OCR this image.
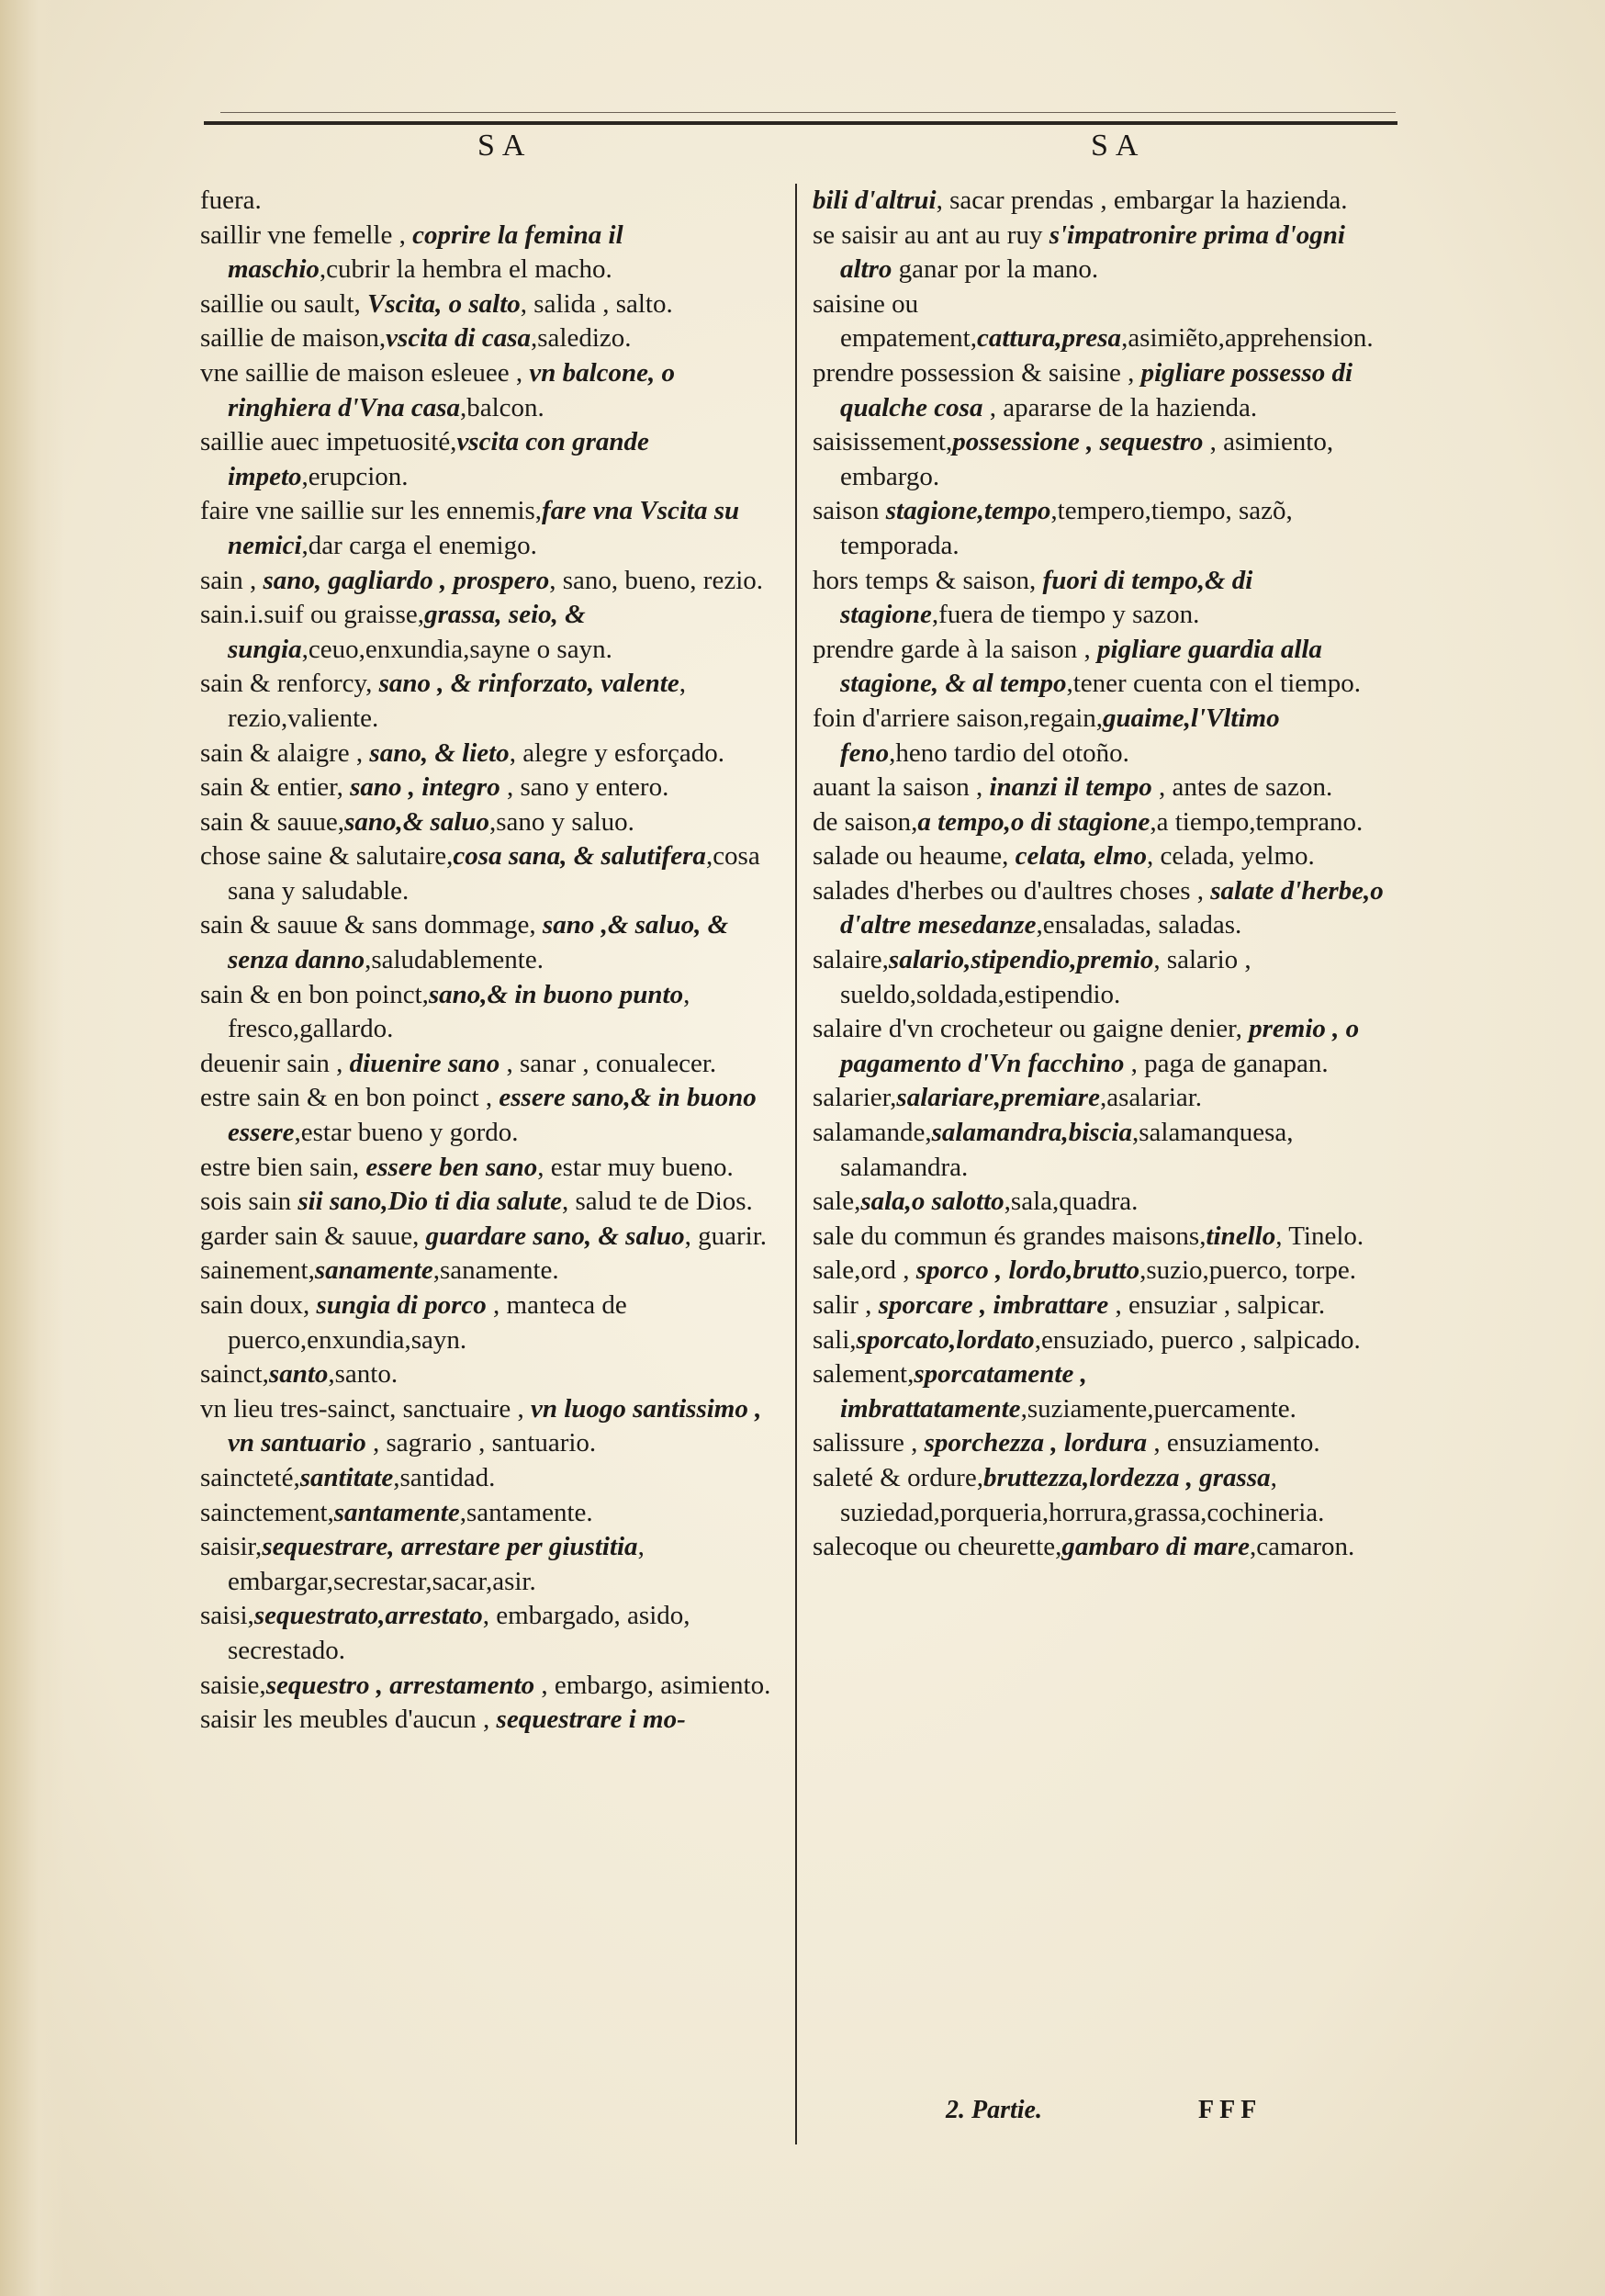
SA	SA

fuera.

saillir vne femelle , coprire la femina il maschio,cubrir la hembra el macho.

saillie ou sault, Vscita, o salto, salida , salto.

saillie de maison,vscita di casa,saledizo.

vne saillie de maison esleuee , vn balcone, o ringhiera d'Vna casa,balcon.

saillie auec impetuosité,vscita con grande impeto,erupcion.

faire vne saillie sur les ennemis,fare vna Vscita su nemici,dar carga el enemigo.

sain , sano, gagliardo , prospero, sano, bueno, rezio.

sain.i.suif ou graisse,grassa, seio, & sungia,ceuo,enxundia,sayne o sayn.

sain & renforcy, sano , & rinforzato, valente, rezio,valiente.

sain & alaigre , sano, & lieto, alegre y esforçado.

sain & entier, sano , integro , sano y entero.

sain & sauue,sano,& saluo,sano y saluo.

chose saine & salutaire,cosa sana, & salutifera,cosa sana y saludable.

sain & sauue & sans dommage, sano ,& saluo, & senza danno,saludablemente.

sain & en bon poinct,sano,& in buono punto, fresco,gallardo.

deuenir sain , diuenire sano , sanar , conualecer.

estre sain & en bon poinct , essere sano,& in buono essere,estar bueno y gordo.

estre bien sain, essere ben sano, estar muy bueno.

sois sain sii sano,Dio ti dia salute, salud te de Dios.

garder sain & sauue, guardare sano, & saluo, guarir.

sainement,sanamente,sanamente.

sain doux, sungia di porco , manteca de puerco,enxundia,sayn.

sainct,santo,santo.

vn lieu tres-sainct, sanctuaire , vn luogo santissimo , vn santuario , sagrario , santuario.

saincteté,santitate,santidad.

sainctement,santamente,santamente.

saisir,sequestrare, arrestare per giustitia, embargar,secrestar,sacar,asir.

saisi,sequestrato,arrestato, embargado, asido, secrestado.

saisie,sequestro , arrestamento , embargo, asimiento.

saisir les meubles d'aucun , sequestrare i mo-

bili d'altrui, sacar prendas , embargar la hazienda.

se saisir au ant au ruy s'impatronire prima d'ogni altro ganar por la mano.

saisine ou empatement,cattura,presa,asimiẽto,apprehension.

prendre possession & saisine , pigliare possesso di qualche cosa , apararse de la hazienda.

saisissement,possessione , sequestro , asimiento, embargo.

saison stagione,tempo,tempero,tiempo, sazõ, temporada.

hors temps & saison, fuori di tempo,& di stagione,fuera de tiempo y sazon.

prendre garde à la saison , pigliare guardia alla stagione, & al tempo,tener cuenta con el tiempo.

foin d'arriere saison,regain,guaime,l'Vltimo feno,heno tardio del otoño.

auant la saison , inanzi il tempo , antes de sazon.

de saison,a tempo,o di stagione,a tiempo,temprano.

salade ou heaume, celata, elmo, celada, yelmo.

salades d'herbes ou d'aultres choses , salate d'herbe,o d'altre mesedanze,ensaladas, saladas.

salaire,salario,stipendio,premio, salario , sueldo,soldada,estipendio.

salaire d'vn crocheteur ou gaigne denier, premio , o pagamento d'Vn facchino , paga de ganapan.

salarier,salariare,premiare,asalariar.

salamande,salamandra,biscia,salamanquesa, salamandra.

sale,sala,o salotto,sala,quadra.

sale du commun és grandes maisons,tinello, Tinelo.

sale,ord , sporco , lordo,brutto,suzio,puerco, torpe.

salir , sporcare , imbrattare , ensuziar , salpicar.

sali,sporcato,lordato,ensuziado, puerco , salpicado.

salement,sporcatamente , imbrattatamente,suziamente,puercamente.

salissure , sporchezza , lordura , ensuziamento.

saleté & ordure,bruttezza,lordezza , grassa, suziedad,porqueria,horrura,grassa,cochineria.

salecoque ou cheurette,gambaro di mare,camaron.

2. Partie.	FFF
